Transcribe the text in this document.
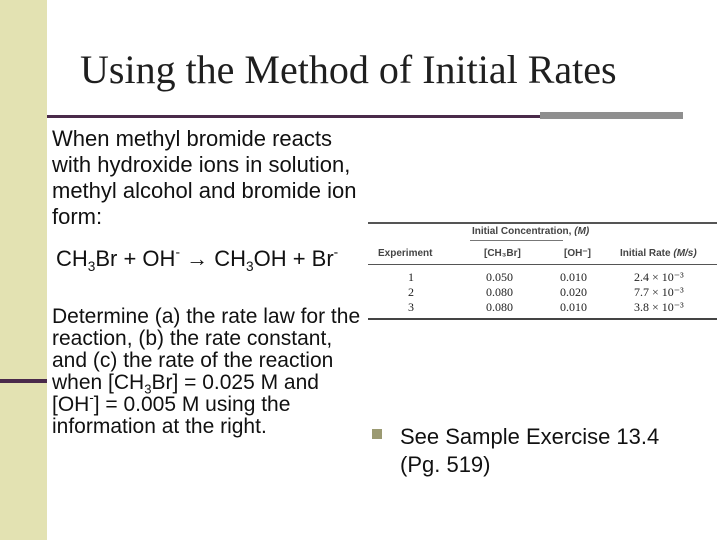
Using the Method of Initial Rates
When methyl bromide reacts with hydroxide ions in solution, methyl alcohol and bromide ion form:
$CH_3Br + OH^- \to CH_3OH + Br^-$
Determine (a) the rate law for the reaction, (b) the rate constant, and (c) the rate of the reaction when $[CH_3Br] = 0.025$ M and [OH-] = 0.005 M using the information at the right.
Initial Concentration, (M)
Experiment	[CH₃Br]	[OH⁻]	Initial Rate (M/s)
1	0.050	0.010	2.4 × 10⁻³
2	0.080	0.020	7.7 × 10⁻³
3	0.080	0.010	3.8 × 10⁻³
See Sample Exercise 13.4 (Pg. 519)
